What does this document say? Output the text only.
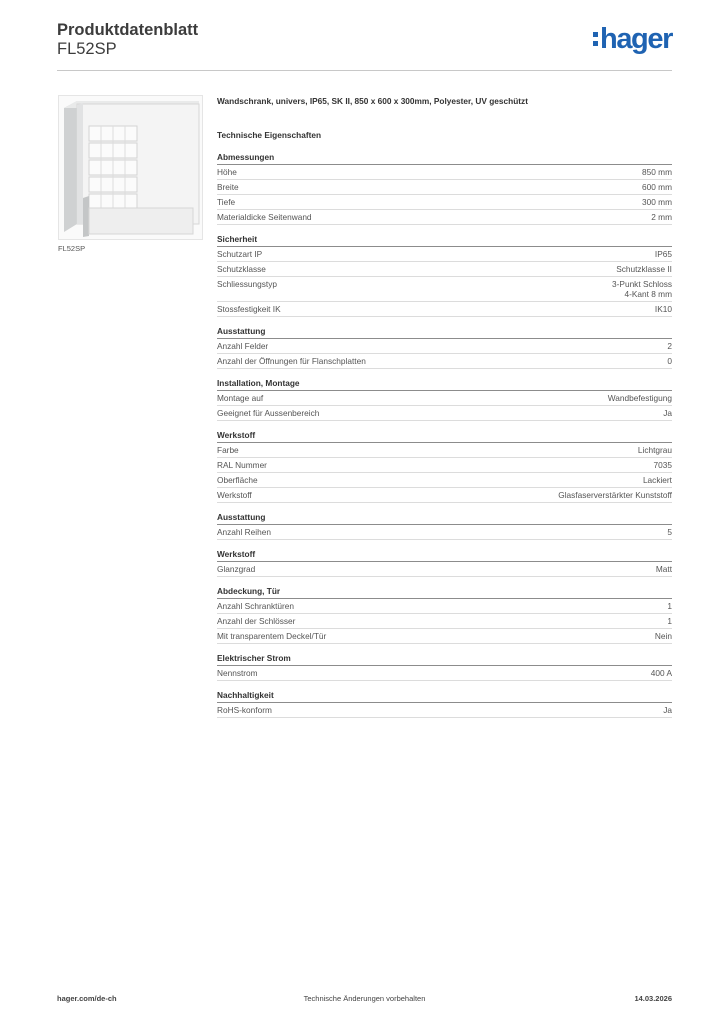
Produktdatenblatt
FL52SP	hager
FL52SP
Wandschrank, univers, IP65, SK II, 850 x 600 x 300mm, Polyester, UV geschützt
Technische Eigenschaften
Abmessungen
Höhe	850 mm
Breite	600 mm
Tiefe	300 mm
Materialdicke Seitenwand	2 mm
Sicherheit
Schutzart IP	IP65
Schutzklasse	Schutzklasse II
Schliessungstyp	3-Punkt Schloss
4-Kant 8 mm
Stossfestigkeit IK	IK10
Ausstattung
Anzahl Felder	2
Anzahl der Öffnungen für Flanschplatten	0
Installation, Montage
Montage auf	Wandbefestigung
Geeignet für Aussenbereich	Ja
Werkstoff
Farbe	Lichtgrau
RAL Nummer	7035
Oberfläche	Lackiert
Werkstoff	Glasfaserverstärkter Kunststoff
Ausstattung
Anzahl Reihen	5
Werkstoff
Glanzgrad	Matt
Abdeckung, Tür
Anzahl Schranktüren	1
Anzahl der Schlösser	1
Mit transparentem Deckel/Tür	Nein
Elektrischer Strom
Nennstrom	400 A
Nachhaltigkeit
RoHS-konform	Ja
hager.com/de-ch	Technische Änderungen vorbehalten	14.03.2026
